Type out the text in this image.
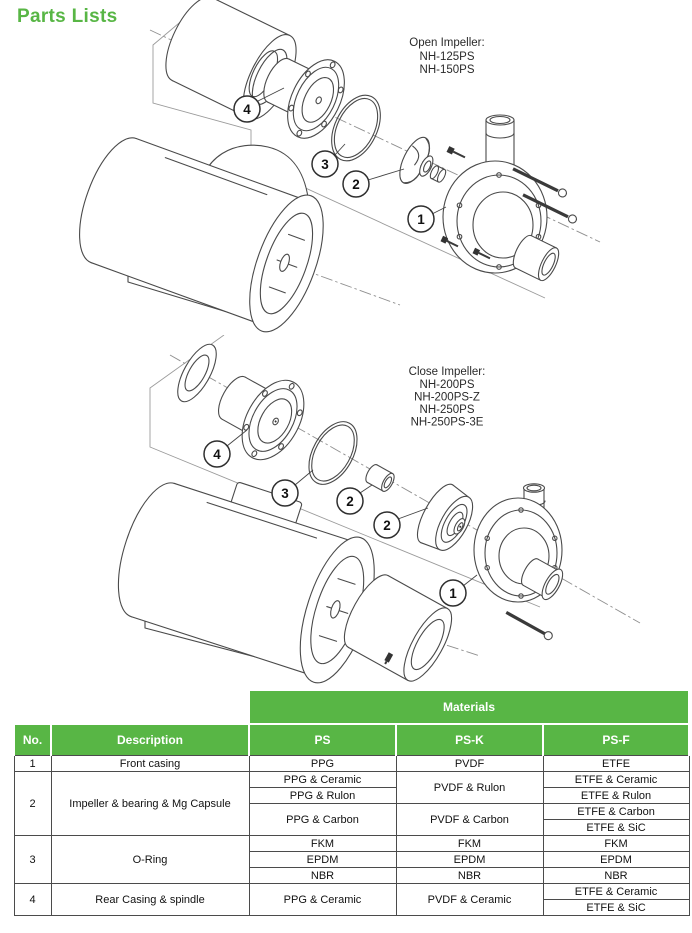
Parts Lists
4
3
2
1
Open Impeller:
NH-125PS
NH-150PS
4
3
2
2
1
Close Impeller:
NH-200PS
NH-200PS-Z
NH-250PS
NH-250PS-3E
		Materials		
No.	Description	PS	PS-K	PS-F
1	Front casing	PPG	PVDF	ETFE
2	Impeller & bearing & Mg Capsule	PPG & Ceramic	PVDF & Rulon	ETFE & Ceramic
		PPG & Rulon		ETFE & Rulon
		PPG & Carbon	PVDF & Carbon	ETFE & Carbon
				ETFE & SiC
3	O-Ring	FKM	FKM	FKM
		EPDM	EPDM	EPDM
		NBR	NBR	NBR
4	Rear Casing & spindle	PPG & Ceramic	PVDF & Ceramic	ETFE & Ceramic
				ETFE & SiC
